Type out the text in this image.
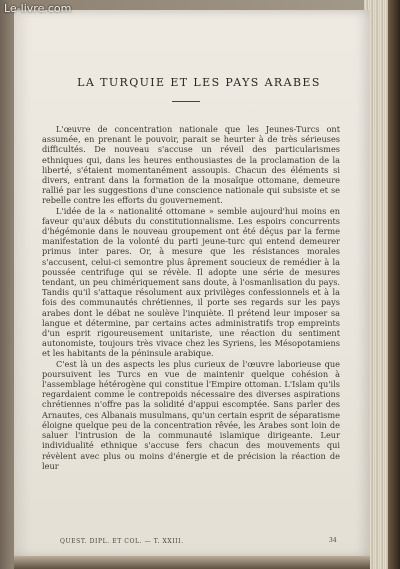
Le-livre.com
LA TURQUIE ET LES PAYS ARABES

L'œuvre de concentration nationale que les Jeunes-Turcs ont assumée, en prenant le pouvoir, parait se heurter à de très sérieuses difficultés. De nouveau s'accuse un réveil des particularismes ethniques qui, dans les heures enthousiastes de la proclamation de la liberté, s'étaient momentanément assoupis. Chacun des éléments si divers, entrant dans la formation de la mosaïque ottomane, demeure rallié par les suggestions d'une conscience nationale qui subsiste et se rebelle contre les efforts du gouvernement.

L'idée de la « nationalité ottomane » semble aujourd'hui moins en faveur qu'aux débuts du constitutionnalisme. Les espoirs concurrents d'hégémonie dans le nouveau groupement ont été déçus par la ferme manifestation de la volonté du parti jeune-turc qui entend demeurer primus inter pares. Or, à mesure que les résistances morales s'accusent, celui-ci semontre plus âprement soucieux de remédier à la poussée centrifuge qui se révèle. Il adopte une série de mesures tendant, un peu chimériquement sans doute, à l'osmanlisation du pays. Tandis qu'il s'attaque résolument aux privilèges confessionnels et à la fois des communautés chrétiennes, il porte ses regards sur les pays arabes dont le débat ne soulève l'inquiète. Il prétend leur imposer sa langue et détermine, par certains actes administratifs trop empreints d'un esprit rigoureusement unitariste, une réaction du sentiment autonomiste, toujours très vivace chez les Syriens, les Mésopotamiens et les habitants de la péninsule arabique.

C'est là un des aspects les plus curieux de l'œuvre laborieuse que poursuivent les Turcs en vue de maintenir quelque cohésion à l'assemblage hétérogène qui constitue l'Empire ottoman. L'Islam qu'ils regardaient comme le contrepoids nécessaire des diverses aspirations chrétiennes n'offre pas la solidité d'appui escomptée. Sans parler des Arnautes, ces Albanais musulmans, qu'un certain esprit de séparatisme éloigne quelque peu de la concentration rêvée, les Arabes sont loin de saluer l'intrusion de la communauté islamique dirigeante. Leur individualité ethnique s'accuse fers chacun des mouvements qui révèlent avec plus ou moins d'énergie et de précision la réaction de leur

QUEST. DIPL. ET COL. — T. XXIII.	34
